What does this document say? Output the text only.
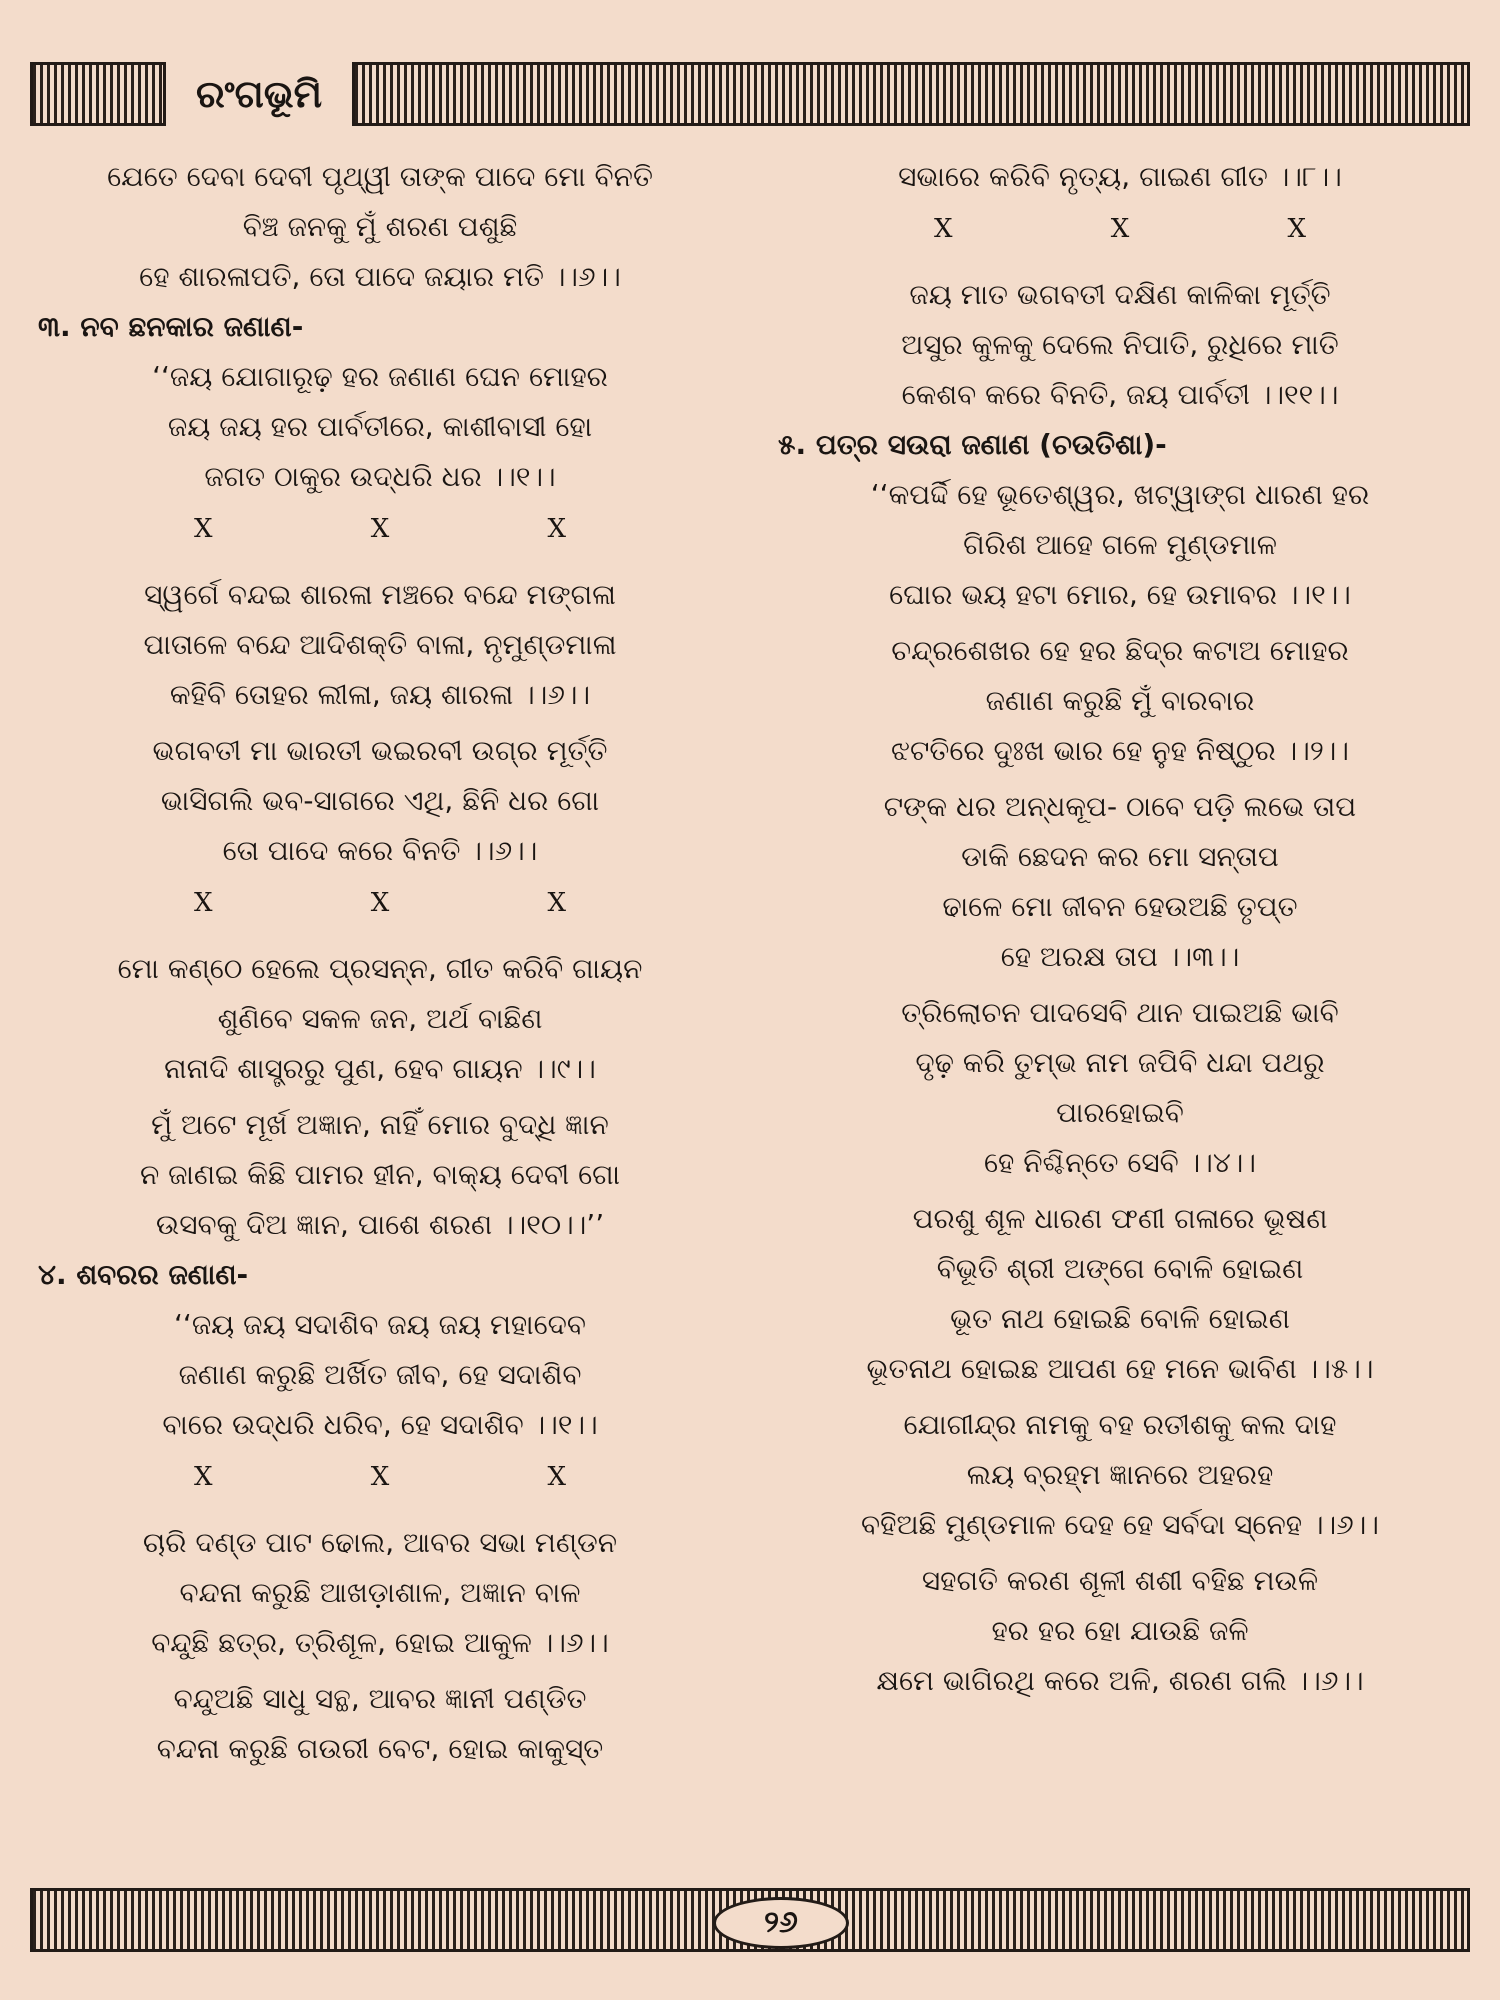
ରଂଗଭୂମି
ଯେତେ ଦେବା ଦେବୀ ପୃଥ୍ୱୀ ତାଙ୍କ ପାଦେ ମୋ ବିନତି
ବିଞ୍ଚ ଜନକୁ ମୁଁ ଶରଣ ପଶୁଛି
ହେ ଶାରଳାପତି, ତୋ ପାଦେ ଜୟାର ମତି ।।୬।।
୩. ନବ ଛନକାର ଜଣାଣ-
‘‘ଜୟ ଯୋଗାରୂଢ଼ ହର ଜଣାଣ ଘେନ ମୋହର
ଜୟ ଜୟ ହର ପାର୍ବତୀରେ, କାଶୀବାସୀ ହୋ
ଜଗତ ଠାକୁର ଉଦ୍ଧରି ଧର ।।୧।।
X X X
ସ୍ୱର୍ଗେ ବନ୍ଦଇ ଶାରଳା ମଞ୍ଚରେ ବନ୍ଦେ ମଙ୍ଗଳା
ପାତାଳେ ବନ୍ଦେ ଆଦିଶକ୍ତି ବାଳା, ନୃମୁଣ୍ଡମାଳା
କହିବି ତୋହର ଲୀଳା, ଜୟ ଶାରଳା ।।୬।।
ଭଗବତୀ ମା ଭାରତୀ ଭଇରବୀ ଉଗ୍ର ମୂର୍ତ୍ତି
ଭାସିଗଲି ଭବ-ସାଗରେ ଏଥି, ଛିନି ଧର ଗୋ
ତୋ ପାଦେ କରେ ବିନତି ।।୬।।
X X X
ମୋ କଣ୍ଠେ ହେଲେ ପ୍ରସନ୍ନ, ଗୀତ କରିବି ଗାୟନ
ଶୁଣିବେ ସକଳ ଜନ, ଅର୍ଥ ବାଛିଣ
ନାନାଦି ଶାସ୍ତ୍ରରୁ ପୁଣ, ହେବ ଗାୟନ ।।୯।।
ମୁଁ ଅଟେ ମୂର୍ଖ ଅଜ୍ଞାନ, ନାହିଁ ମୋର ବୁଦ୍ଧି ଜ୍ଞାନ
ନ ଜାଣଇ କିଛି ପାମର ହୀନ, ବାକ୍ୟ ଦେବୀ ଗୋ
ଉସବକୁ ଦିଅ ଜ୍ଞାନ, ପାଶେ ଶରଣ ।।୧୦।।’’
୪. ଶବରର ଜଣାଣ-
‘‘ଜୟ ଜୟ ସଦାଶିବ ଜୟ ଜୟ ମହାଦେବ
ଜଣାଣ କରୁଛି ଅର୍ଖିତ ଜୀବ, ହେ ସଦାଶିବ
ବାରେ ଉଦ୍ଧରି ଧରିବ, ହେ ସଦାଶିବ ।।୧।।
X X X
ଚାରି ଦଣ୍ଡ ପାଟ ଢୋଲ, ଆବର ସଭା ମଣ୍ଡନ
ବନ୍ଦନା କରୁଛି ଆଖଡ଼ାଶାଳ, ଅଜ୍ଞାନ ବାଳ
ବନ୍ଦୁଛି ଛତ୍ର, ତ୍ରିଶୂଳ, ହୋଇ ଆକୁଳ ।।୬।।
ବନ୍ଦୁଅଛି ସାଧୁ ସନ୍ଥ, ଆବର ଜ୍ଞାନୀ ପଣ୍ଡିତ
ବନ୍ଦନା କରୁଛି ଗଉରୀ ବେଟ, ହୋଇ କାକୁସ୍ତ
ସଭାରେ କରିବି ନୃତ୍ୟ, ଗାଇଣ ଗୀତ ।।୮।।
X X X
ଜୟ ମାତ ଭଗବତୀ ଦକ୍ଷିଣ କାଳିକା ମୂର୍ତ୍ତି
ଅସୁର କୁଳକୁ ଦେଲେ ନିପାତି, ରୁଧିରେ ମାତି
କେଶବ କରେ ବିନତି, ଜୟ ପାର୍ବତୀ ।।୧୧।।
୫. ପତ୍ର ସଉରା ଜଣାଣ (ଚଉତିଶା)-
‘‘କପର୍ଦ୍ଦି ହେ ଭୂତେଶ୍ୱର, ଖଟ୍ୱାଙ୍ଗ ଧାରଣ ହର
ଗିରିଶ ଆହେ ଗଳେ ମୁଣ୍ଡମାଳ
ଘୋର ଭୟ ହଟା ମୋର, ହେ ଉମାବର ।।୧।।
ଚନ୍ଦ୍ରଶେଖର ହେ ହର ଛିଦ୍ର କଟାଅ ମୋହର
ଜଣାଣ କରୁଛି ମୁଁ ବାରବାର
ଝଟତିରେ ଦୁଃଖ ଭାର ହେ ନୁହ ନିଷ୍ଠୁର ।।୨।।
ଟଙ୍କ ଧର ଅନ୍ଧକୂପ- ଠାବେ ପଡ଼ି ଲଭେ ତାପ
ଡାକି ଛେଦନ କର ମୋ ସନ୍ତାପ
ଢାଳେ ମୋ ଜୀବନ ହେଉଅଛି ତୃପ୍ତ
ହେ ଅରକ୍ଷ ତାପ ।।୩।।
ତ୍ରିଲୋଚନ ପାଦସେବି ଥାନ ପାଇଅଛି ଭାବି
ଦୃଢ଼ କରି ତୁମ୍ଭ ନାମ ଜପିବି ଧନ୍ଦା ପଥରୁ
ପାରହୋଇବି
ହେ ନିଶ୍ଚିନ୍ତେ ସେବି ।।୪।।
ପରଶୁ ଶୂଳ ଧାରଣ ଫଣୀ ଗଳାରେ ଭୂଷଣ
ବିଭୂତି ଶ୍ରୀ ଅଙ୍ଗେ ବୋଳି ହୋଇଣ
ଭୂତ ନାଥ ହୋଇଛି ବୋଳି ହୋଇଣ
ଭୂତନାଥ ହୋଇଛ ଆପଣ ହେ ମନେ ଭାବିଣ ।।୫।।
ଯୋଗୀନ୍ଦ୍ର ନାମକୁ ବହ ରତୀଶକୁ କଲ ଦାହ
ଲୟ ବ୍ରହ୍ମ ଜ୍ଞାନରେ ଅହରହ
ବହିଅଛି ମୁଣ୍ଡମାଳ ଦେହ ହେ ସର୍ବଦା ସ୍ନେହ ।।୬।।
ସହଗତି କରଣ ଶୂଳୀ ଶଶୀ ବହିଛ ମଉଳି
ହର ହର ହୋ ଯାଉଛି ଜଳି
କ୍ଷମେ ଭାଗିରଥି କରେ ଅଳି, ଶରଣ ଗଲି ।।୬।।
୨୬
